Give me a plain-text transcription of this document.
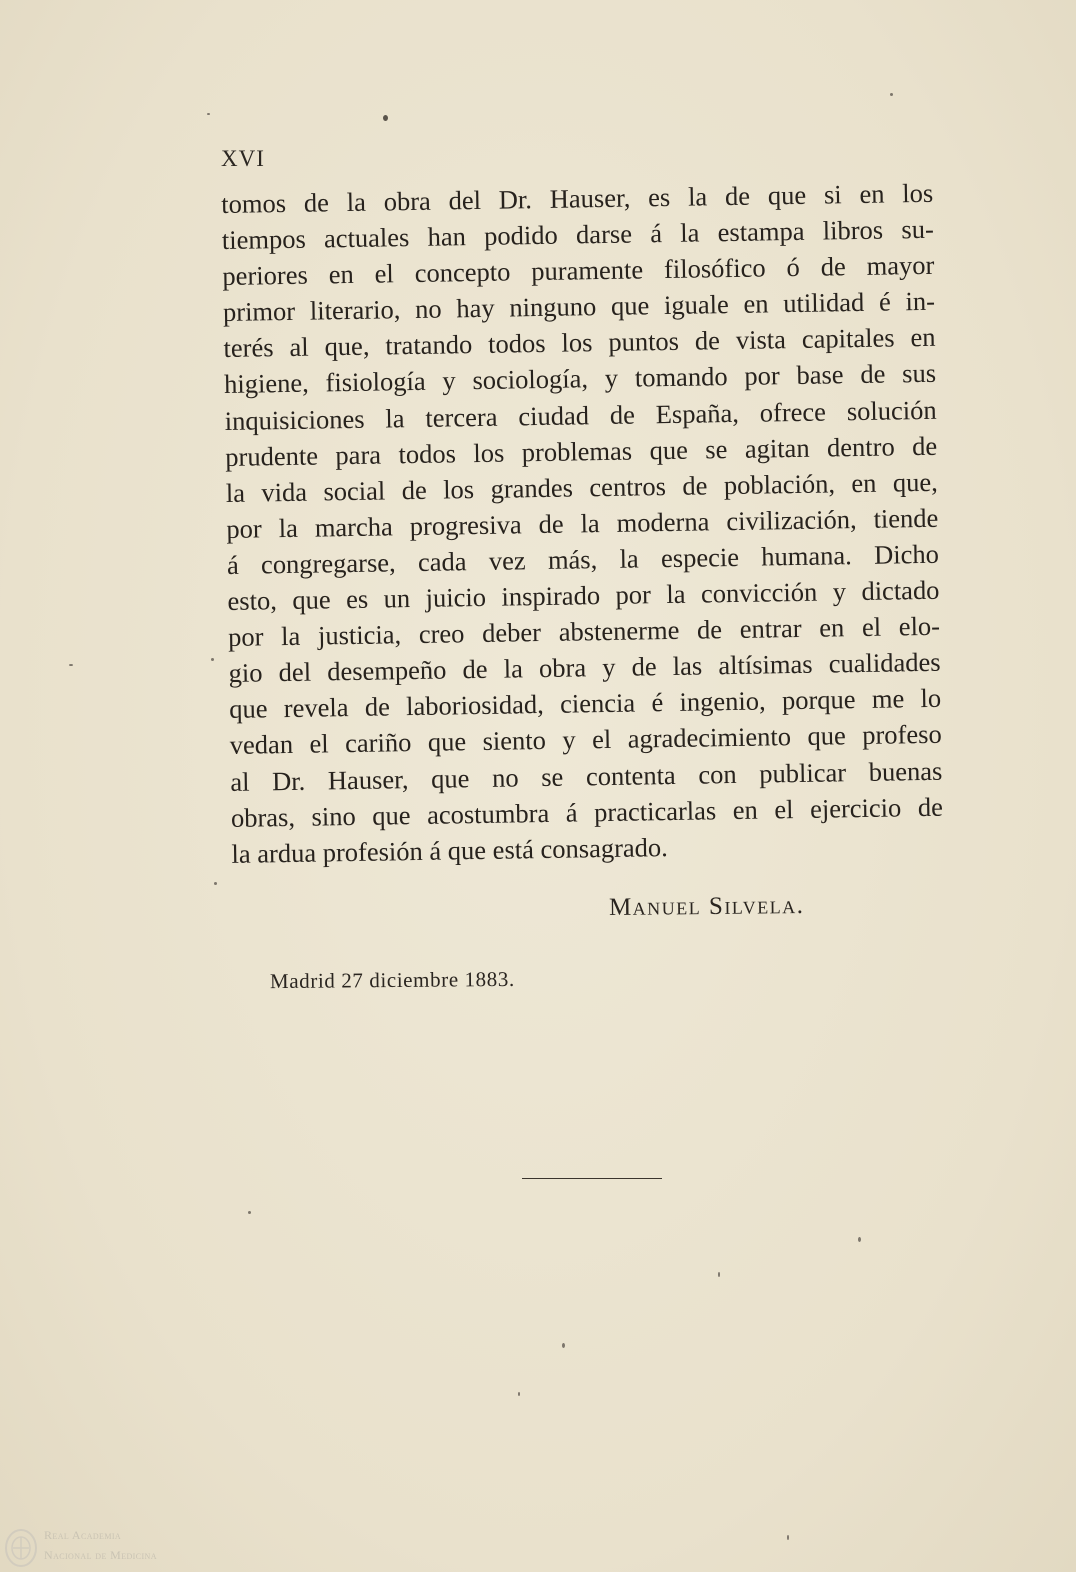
XVI
tomos de la obra del Dr. Hauser, es la de que si en los
tiempos actuales han podido darse á la estampa libros su-
periores en el concepto puramente filosófico ó de mayor
primor literario, no hay ninguno que iguale en utilidad é in-
terés al que, tratando todos los puntos de vista capitales en
higiene, fisiología y sociología, y tomando por base de sus
inquisiciones la tercera ciudad de España, ofrece solución
prudente para todos los problemas que se agitan dentro de
la vida social de los grandes centros de población, en que,
por la marcha progresiva de la moderna civilización, tiende
á congregarse, cada vez más, la especie humana. Dicho
esto, que es un juicio inspirado por la convicción y dictado
por la justicia, creo deber abstenerme de entrar en el elo-
gio del desempeño de la obra y de las altísimas cualidades
que revela de laboriosidad, ciencia é ingenio, porque me lo
vedan el cariño que siento y el agradecimiento que profeso
al Dr. Hauser, que no se contenta con publicar buenas
obras, sino que acostumbra á practicarlas en el ejercicio de
la ardua profesión á que está consagrado.
Manuel Silvela.
Madrid 27 diciembre 1883.
Real Academia
Nacional de Medicina
